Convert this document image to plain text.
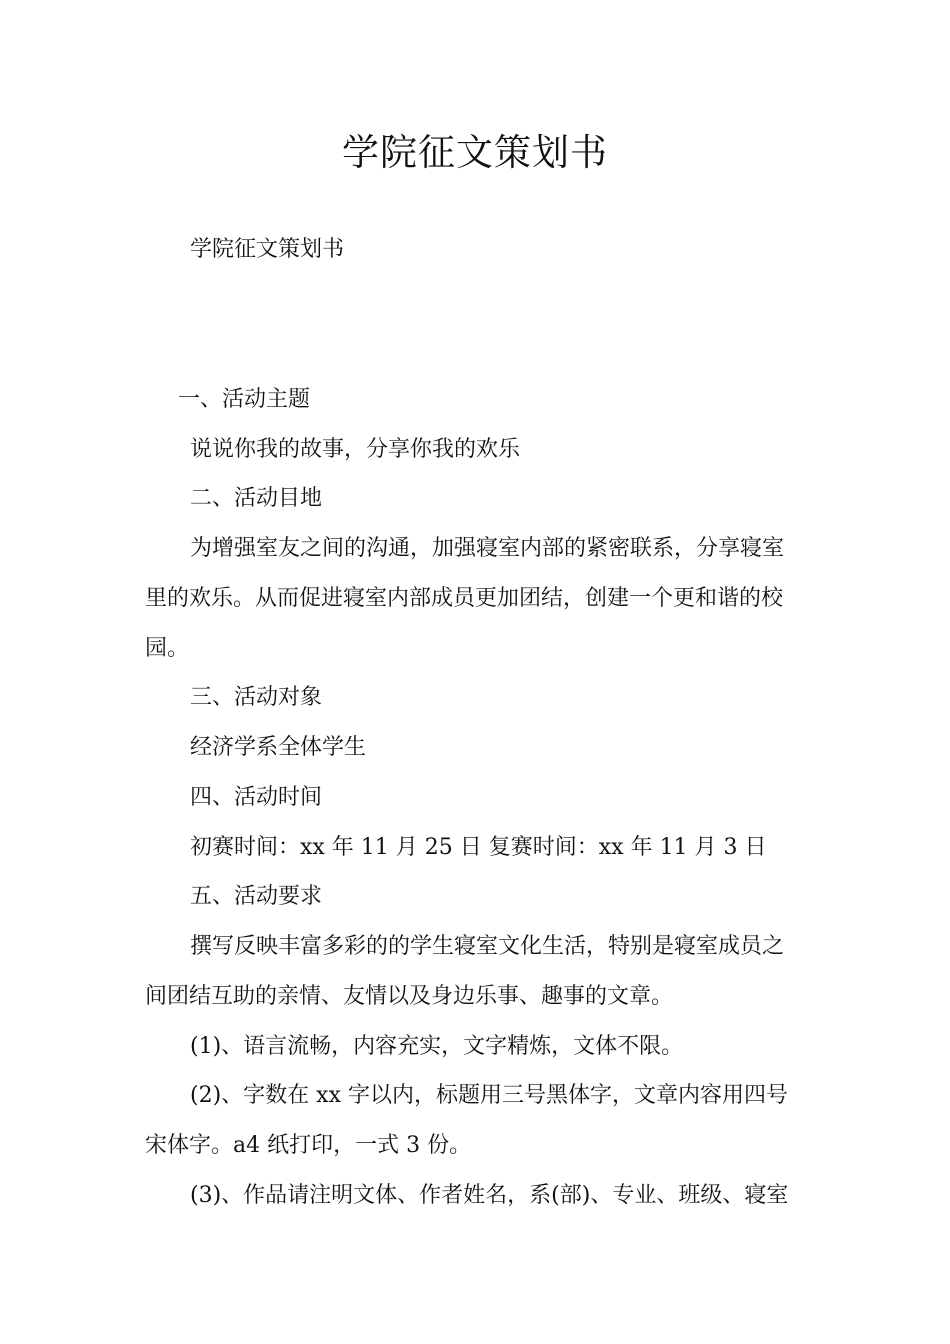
学院征文策划书
学院征文策划书
一、活动主题
说说你我的故事，分享你我的欢乐
二、活动目地
为增强室友之间的沟通，加强寝室内部的紧密联系，分享寝室
里的欢乐。从而促进寝室内部成员更加团结，创建一个更和谐的校
园。
三、活动对象
经济学系全体学生
四、活动时间
初赛时间：xx 年 11 月 25 日 复赛时间：xx 年 11 月 3 日
五、活动要求
撰写反映丰富多彩的的学生寝室文化生活，特别是寝室成员之
间团结互助的亲情、友情以及身边乐事、趣事的文章。
(1)、语言流畅，内容充实，文字精炼，文体不限。
(2)、字数在 xx 字以内，标题用三号黑体字，文章内容用四号
宋体字。a4 纸打印，一式 3 份。
(3)、作品请注明文体、作者姓名，系(部)、专业、班级、寝室
